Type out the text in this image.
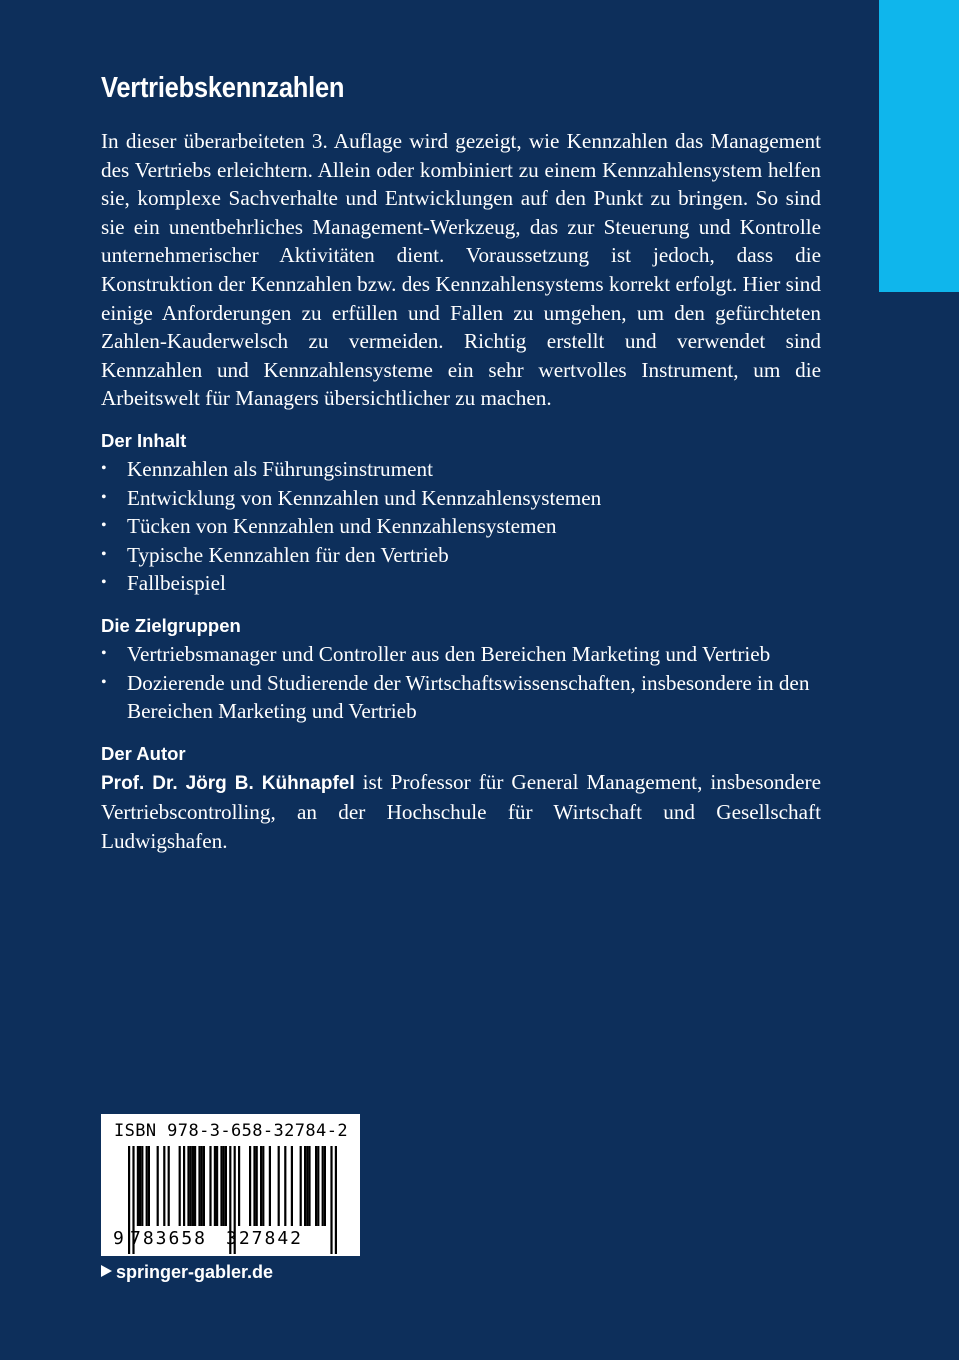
Vertriebskennzahlen

In dieser überarbeiteten 3. Auflage wird gezeigt, wie Kennzahlen das Management des Vertriebs erleichtern. Allein oder kombiniert zu einem Kennzahlensystem helfen sie, komplexe Sachverhalte und Entwicklungen auf den Punkt zu bringen. So sind sie ein unentbehrliches Management-Werkzeug, das zur Steuerung und Kontrolle unternehmerischer Aktivitäten dient. Voraussetzung ist jedoch, dass die Konstruktion der Kennzahlen bzw. des Kennzahlensystems korrekt erfolgt. Hier sind einige Anforderungen zu erfüllen und Fallen zu umgehen, um den gefürchteten Zahlen-Kauderwelsch zu vermeiden. Richtig erstellt und verwendet sind Kennzahlen und Kennzahlensysteme ein sehr wertvolles Instrument, um die Arbeitswelt für Managers übersichtlicher zu machen.

Der Inhalt
• Kennzahlen als Führungsinstrument
• Entwicklung von Kennzahlen und Kennzahlensystemen
• Tücken von Kennzahlen und Kennzahlensystemen
• Typische Kennzahlen für den Vertrieb
• Fallbeispiel
Die Zielgruppen
• Vertriebsmanager und Controller aus den Bereichen Marketing und Vertrieb
• Dozierende und Studierende der Wirtschaftswissenschaften, insbesondere in den Bereichen Marketing und Vertrieb
Der Autor

Prof. Dr. Jörg B. Kühnapfel ist Professor für General Management, insbesondere Vertriebscontrolling, an der Hochschule für Wirtschaft und Gesellschaft Ludwigshafen.

ISBN 978-3-658-32784-2
9 783658 327842
springer-gabler.de
